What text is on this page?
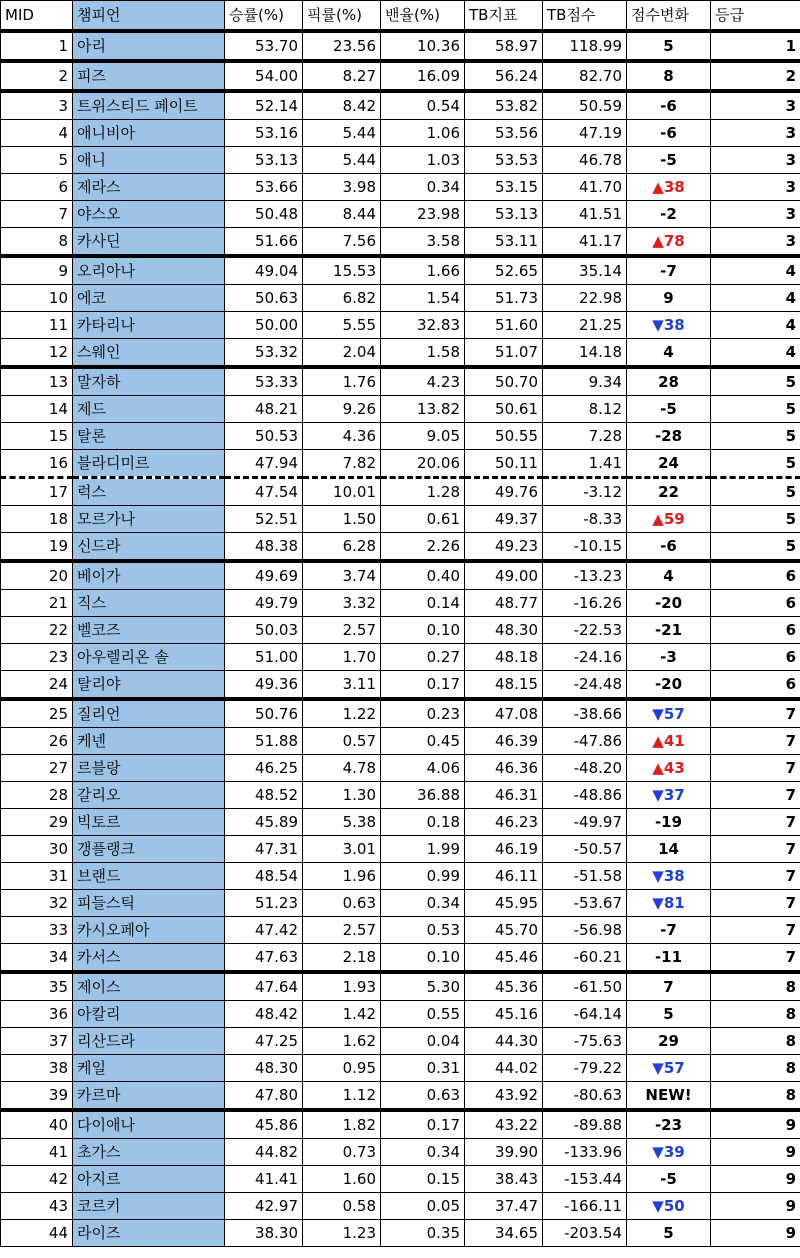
MID	챔피언	승률(%)	픽률(%)	밴율(%)	TB지표	TB점수	점수변화	등급
1	아리	53.70	23.56	10.36	58.97	118.99	5	1
2	피즈	54.00	8.27	16.09	56.24	82.70	8	2
3	트위스티드 페이트	52.14	8.42	0.54	53.82	50.59	-6	3
4	애니비아	53.16	5.44	1.06	53.56	47.19	-6	3
5	애니	53.13	5.44	1.03	53.53	46.78	-5	3
6	제라스	53.66	3.98	0.34	53.15	41.70	▲38	3
7	야스오	50.48	8.44	23.98	53.13	41.51	-2	3
8	카사딘	51.66	7.56	3.58	53.11	41.17	▲78	3
9	오리아나	49.04	15.53	1.66	52.65	35.14	-7	4
10	에코	50.63	6.82	1.54	51.73	22.98	9	4
11	카타리나	50.00	5.55	32.83	51.60	21.25	▼38	4
12	스웨인	53.32	2.04	1.58	51.07	14.18	4	4
13	말자하	53.33	1.76	4.23	50.70	9.34	28	5
14	제드	48.21	9.26	13.82	50.61	8.12	-5	5
15	탈론	50.53	4.36	9.05	50.55	7.28	-28	5
16	블라디미르	47.94	7.82	20.06	50.11	1.41	24	5
17	럭스	47.54	10.01	1.28	49.76	-3.12	22	5
18	모르가나	52.51	1.50	0.61	49.37	-8.33	▲59	5
19	신드라	48.38	6.28	2.26	49.23	-10.15	-6	5
20	베이가	49.69	3.74	0.40	49.00	-13.23	4	6
21	직스	49.79	3.32	0.14	48.77	-16.26	-20	6
22	벨코즈	50.03	2.57	0.10	48.30	-22.53	-21	6
23	아우렐리온 솔	51.00	1.70	0.27	48.18	-24.16	-3	6
24	탈리야	49.36	3.11	0.17	48.15	-24.48	-20	6
25	질리언	50.76	1.22	0.23	47.08	-38.66	▼57	7
26	케넨	51.88	0.57	0.45	46.39	-47.86	▲41	7
27	르블랑	46.25	4.78	4.06	46.36	-48.20	▲43	7
28	갈리오	48.52	1.30	36.88	46.31	-48.86	▼37	7
29	빅토르	45.89	5.38	0.18	46.23	-49.97	-19	7
30	갱플랭크	47.31	3.01	1.99	46.19	-50.57	14	7
31	브랜드	48.54	1.96	0.99	46.11	-51.58	▼38	7
32	피들스틱	51.23	0.63	0.34	45.95	-53.67	▼81	7
33	카시오페아	47.42	2.57	0.53	45.70	-56.98	-7	7
34	카서스	47.63	2.18	0.10	45.46	-60.21	-11	7
35	제이스	47.64	1.93	5.30	45.36	-61.50	7	8
36	아칼리	48.42	1.42	0.55	45.16	-64.14	5	8
37	리산드라	47.25	1.62	0.04	44.30	-75.63	29	8
38	케일	48.30	0.95	0.31	44.02	-79.22	▼57	8
39	카르마	47.80	1.12	0.63	43.92	-80.63	NEW!	8
40	다이애나	45.86	1.82	0.17	43.22	-89.88	-23	9
41	초가스	44.82	0.73	0.34	39.90	-133.96	▼39	9
42	아지르	41.41	1.60	0.15	38.43	-153.44	-5	9
43	코르키	42.97	0.58	0.05	37.47	-166.11	▼50	9
44	라이즈	38.30	1.23	0.35	34.65	-203.54	5	9
